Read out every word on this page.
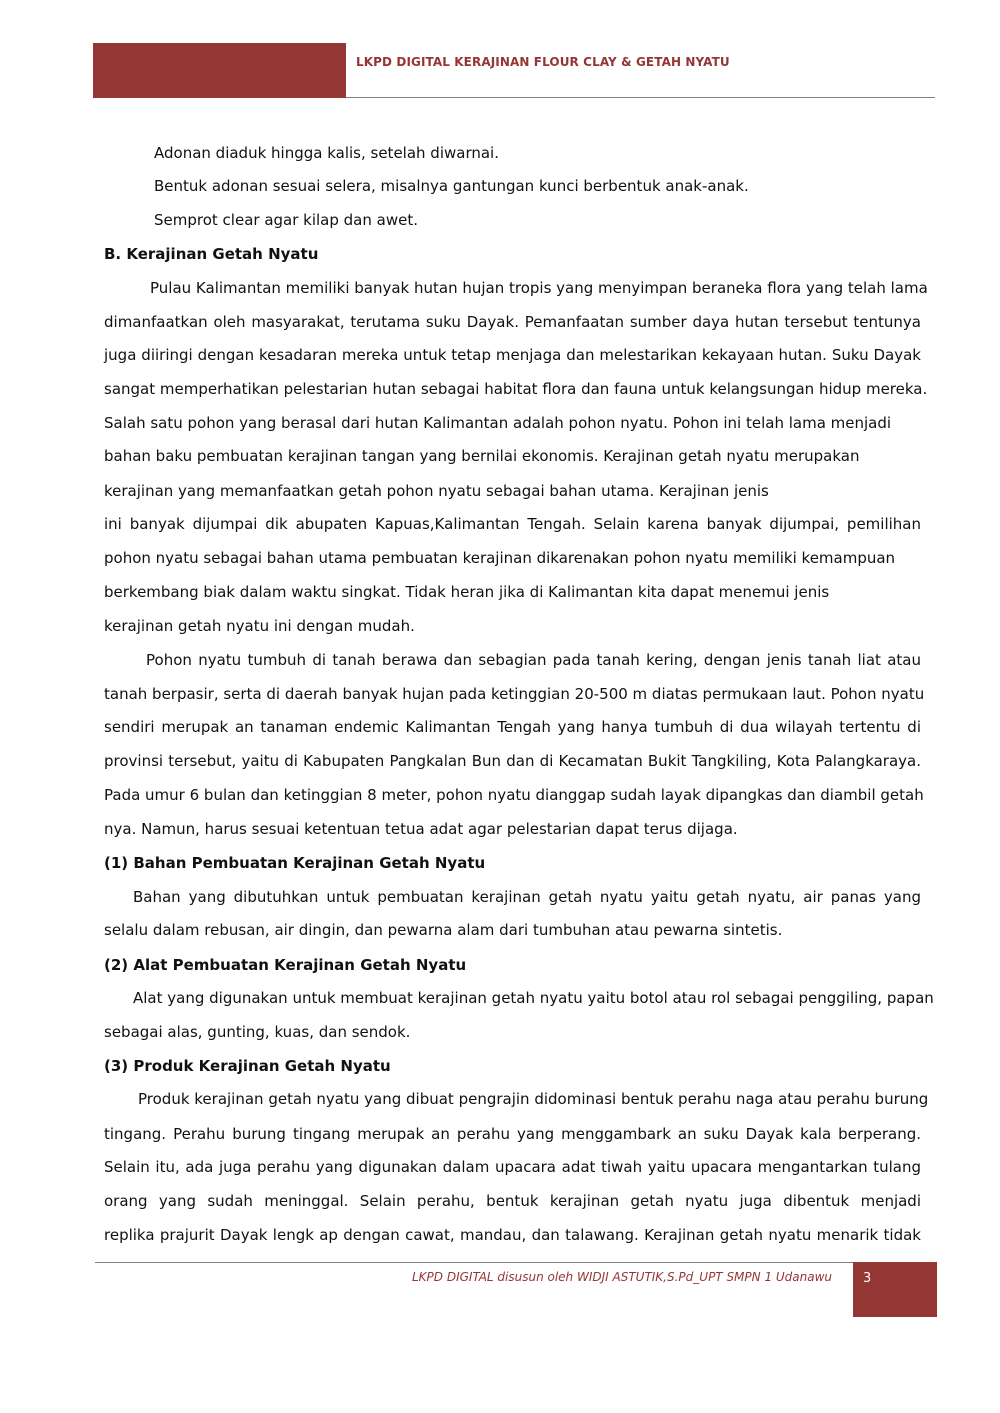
LKPD DIGITAL KERAJINAN FLOUR CLAY & GETAH NYATU
Adonan diaduk hingga kalis, setelah diwarnai.
Bentuk adonan sesuai selera, misalnya gantungan kunci berbentuk anak-anak.
Semprot clear agar kilap dan awet.
B. Kerajinan Getah Nyatu
Pulau Kalimantan memiliki banyak hutan hujan tropis yang menyimpan beraneka flora yang telah lama
dimanfaatkan oleh masyarakat, terutama suku Dayak. Pemanfaatan sumber daya hutan tersebut tentunya
juga diiringi dengan kesadaran mereka untuk tetap menjaga dan melestarikan kekayaan hutan. Suku Dayak
sangat memperhatikan pelestarian hutan sebagai habitat flora dan fauna untuk kelangsungan hidup mereka.
Salah satu pohon yang berasal dari hutan Kalimantan adalah pohon nyatu. Pohon ini telah lama menjadi
bahan baku pembuatan kerajinan tangan yang bernilai ekonomis. Kerajinan getah nyatu merupakan
kerajinan yang memanfaatkan getah pohon nyatu sebagai bahan utama. Kerajinan jenis
ini banyak dijumpai dik abupaten Kapuas,Kalimantan Tengah. Selain karena banyak dijumpai, pemilihan
pohon nyatu sebagai bahan utama pembuatan kerajinan dikarenakan pohon nyatu memiliki kemampuan
berkembang biak dalam waktu singkat. Tidak heran jika di Kalimantan kita dapat menemui jenis
kerajinan getah nyatu ini dengan mudah.
Pohon nyatu tumbuh di tanah berawa dan sebagian pada tanah kering, dengan jenis tanah liat atau
tanah berpasir, serta di daerah banyak hujan pada ketinggian 20-500 m diatas permukaan laut. Pohon nyatu
sendiri merupak an tanaman endemic Kalimantan Tengah yang hanya tumbuh di dua wilayah tertentu di
provinsi tersebut, yaitu di Kabupaten Pangkalan Bun dan di Kecamatan Bukit Tangkiling, Kota Palangkaraya.
Pada umur 6 bulan dan ketinggian 8 meter, pohon nyatu dianggap sudah layak dipangkas dan diambil getah
nya. Namun, harus sesuai ketentuan tetua adat agar pelestarian dapat terus dijaga.
(1) Bahan Pembuatan Kerajinan Getah Nyatu
Bahan yang dibutuhkan untuk pembuatan kerajinan getah nyatu yaitu getah nyatu, air panas yang
selalu dalam rebusan, air dingin, dan pewarna alam dari tumbuhan atau pewarna sintetis.
(2) Alat Pembuatan Kerajinan Getah Nyatu
Alat yang digunakan untuk membuat kerajinan getah nyatu yaitu botol atau rol sebagai penggiling, papan
sebagai alas, gunting, kuas, dan sendok.
(3) Produk Kerajinan Getah Nyatu
Produk kerajinan getah nyatu yang dibuat pengrajin didominasi bentuk perahu naga atau perahu burung
tingang. Perahu burung tingang merupak an perahu yang menggambark an suku Dayak kala berperang.
Selain itu, ada juga perahu yang digunakan dalam upacara adat tiwah yaitu upacara mengantarkan tulang
orang yang sudah meninggal. Selain perahu, bentuk kerajinan getah nyatu juga dibentuk menjadi
replika prajurit Dayak lengk ap dengan cawat, mandau, dan talawang. Kerajinan getah nyatu menarik tidak
LKPD DIGITAL disusun oleh WIDJI ASTUTIK,S.Pd_UPT SMPN 1 Udanawu 3
